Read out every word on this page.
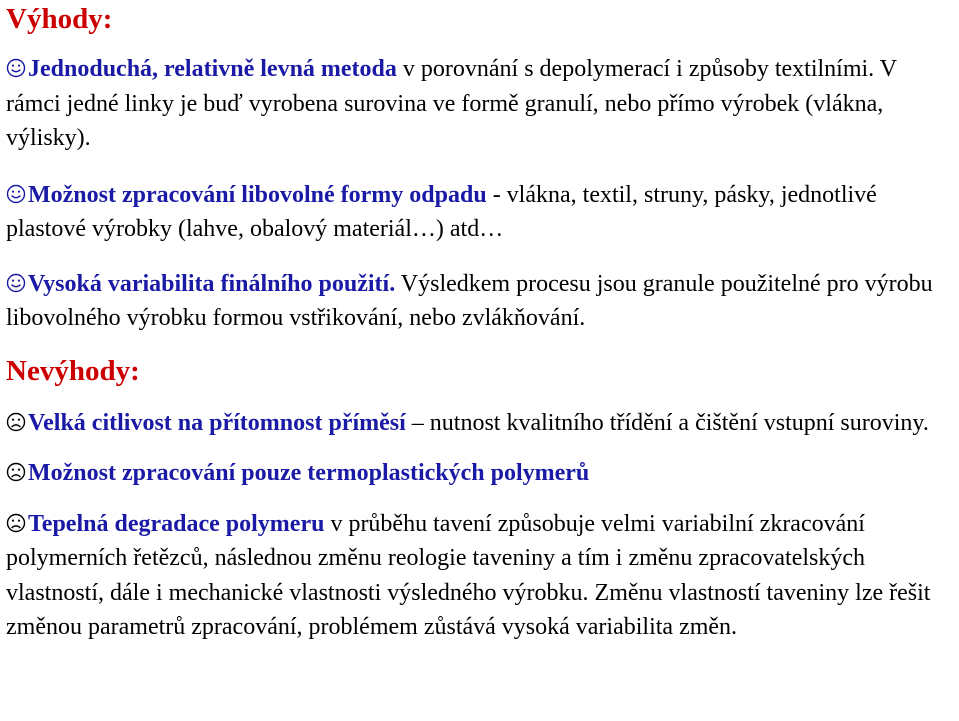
Výhody:

Jednoduchá, relativně levná metoda v porovnání s depolymerací i způsoby textilními. V rámci jedné linky je buď vyrobena surovina ve formě granulí, nebo přímo výrobek (vlákna, výlisky).

Možnost zpracování libovolné formy odpadu - vlákna, textil, struny, pásky, jednotlivé plastové výrobky (lahve, obalový materiál…) atd…

Vysoká variabilita finálního použití. Výsledkem procesu jsou granule použitelné pro výrobu libovolného výrobku formou vstřikování, nebo zvlákňování.

Nevýhody:

Velká citlivost na přítomnost příměsí – nutnost kvalitního třídění a čištění vstupní suroviny.

Možnost zpracování pouze termoplastických polymerů

Tepelná degradace polymeru v průběhu tavení způsobuje velmi variabilní zkracování polymerních řetězců, následnou změnu reologie taveniny a tím i změnu zpracovatelských vlastností, dále i mechanické vlastnosti výsledného výrobku. Změnu vlastností taveniny lze řešit změnou parametrů zpracování, problémem zůstává vysoká variabilita změn.
